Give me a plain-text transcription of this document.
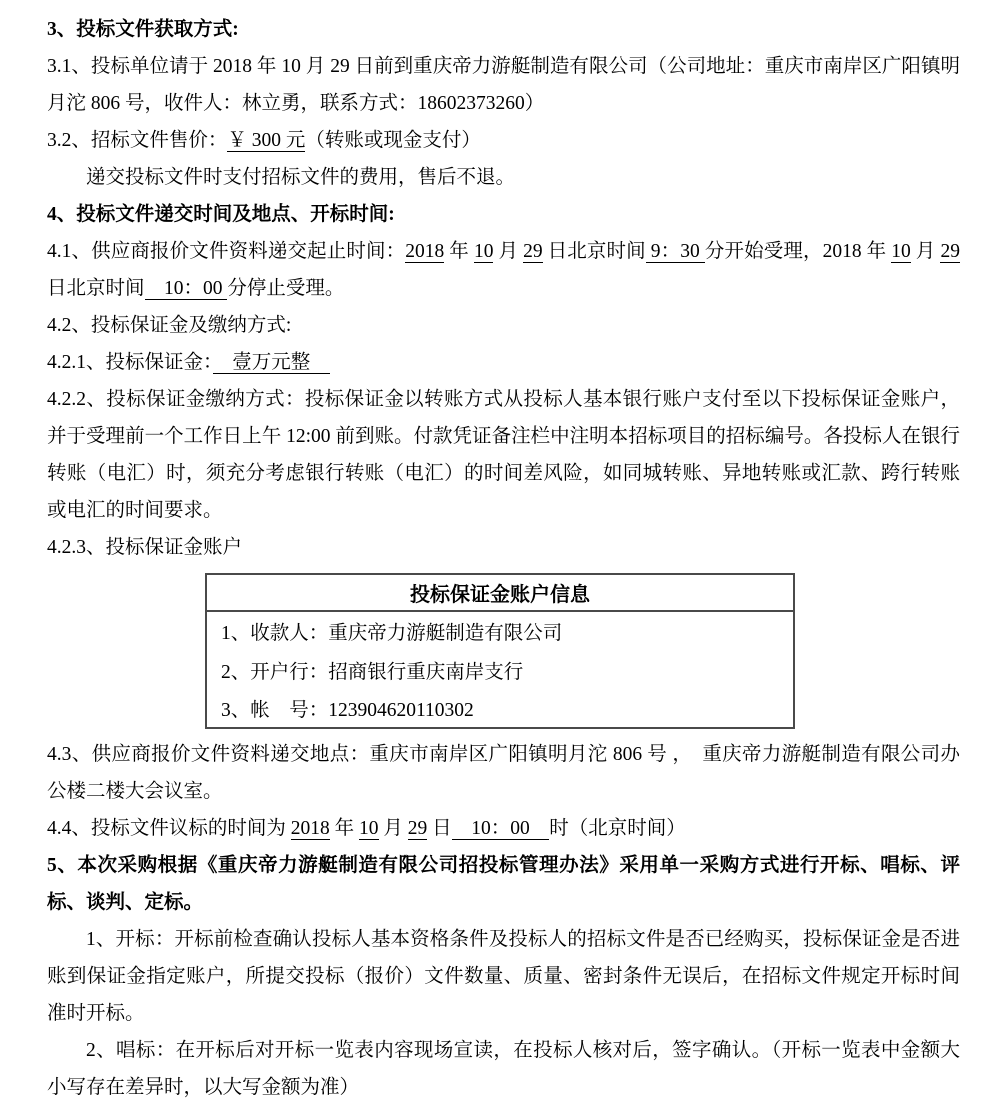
3、投标文件获取方式:

3.1、投标单位请于 2018 年 10 月 29 日前到重庆帝力游艇制造有限公司（公司地址：重庆市南岸区广阳镇明月沱 806 号，收件人：林立勇，联系方式：18602373260）

3.2、招标文件售价：￥ 300 元（转账或现金支付）

递交投标文件时支付招标文件的费用，售后不退。

4、投标文件递交时间及地点、开标时间:

4.1、供应商报价文件资料递交起止时间：2018 年 10 月 29 日北京时间 9：30 分开始受理，2018 年 10 月 29 日北京时间　10：00 分停止受理。

4.2、投标保证金及缴纳方式:

4.2.1、投标保证金：　壹万元整　

4.2.2、投标保证金缴纳方式：投标保证金以转账方式从投标人基本银行账户支付至以下投标保证金账户，并于受理前一个工作日上午 12:00 前到账。付款凭证备注栏中注明本招标项目的招标编号。各投标人在银行转账（电汇）时，须充分考虑银行转账（电汇）的时间差风险，如同城转账、异地转账或汇款、跨行转账或电汇的时间要求。

4.2.3、投标保证金账户

投标保证金账户信息
1、收款人：重庆帝力游艇制造有限公司
2、开户行：招商银行重庆南岸支行
3、帐　号：123904620110302

4.3、供应商报价文件资料递交地点：重庆市南岸区广阳镇明月沱 806 号 ，　重庆帝力游艇制造有限公司办公楼二楼大会议室。

4.4、投标文件议标的时间为 2018 年 10 月 29 日　10：00　时（北京时间）

5、本次采购根据《重庆帝力游艇制造有限公司招投标管理办法》采用单一采购方式进行开标、唱标、评标、谈判、定标。

1、开标：开标前检查确认投标人基本资格条件及投标人的招标文件是否已经购买，投标保证金是否进账到保证金指定账户，所提交投标（报价）文件数量、质量、密封条件无误后，在招标文件规定开标时间准时开标。

2、唱标：在开标后对开标一览表内容现场宣读，在投标人核对后，签字确认。（开标一览表中金额大小写存在差异时，以大写金额为准）
